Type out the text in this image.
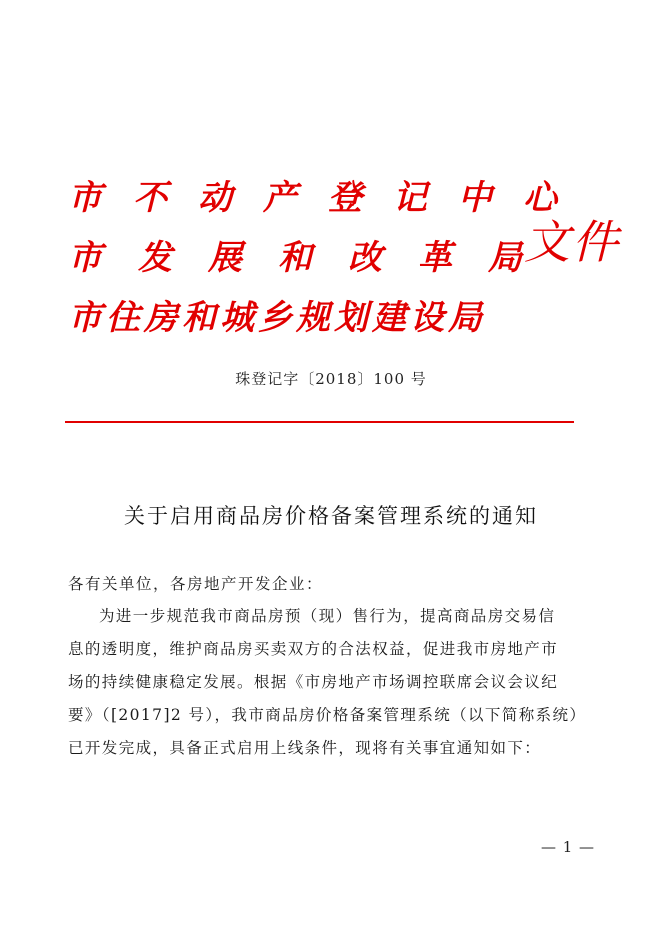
市不动产登记中心
市发展和改革局
市住房和城乡规划建设局
文件
珠登记字〔2018〕100 号
关于启用商品房价格备案管理系统的通知

各有关单位，各房地产开发企业：

为进一步规范我市商品房预（现）售行为，提高商品房交易信

息的透明度，维护商品房买卖双方的合法权益，促进我市房地产市

场的持续健康稳定发展。根据《市房地产市场调控联席会议会议纪

要》（[2017]2 号），我市商品房价格备案管理系统（以下简称系统）

已开发完成，具备正式启用上线条件，现将有关事宜通知如下：

— 1 —
